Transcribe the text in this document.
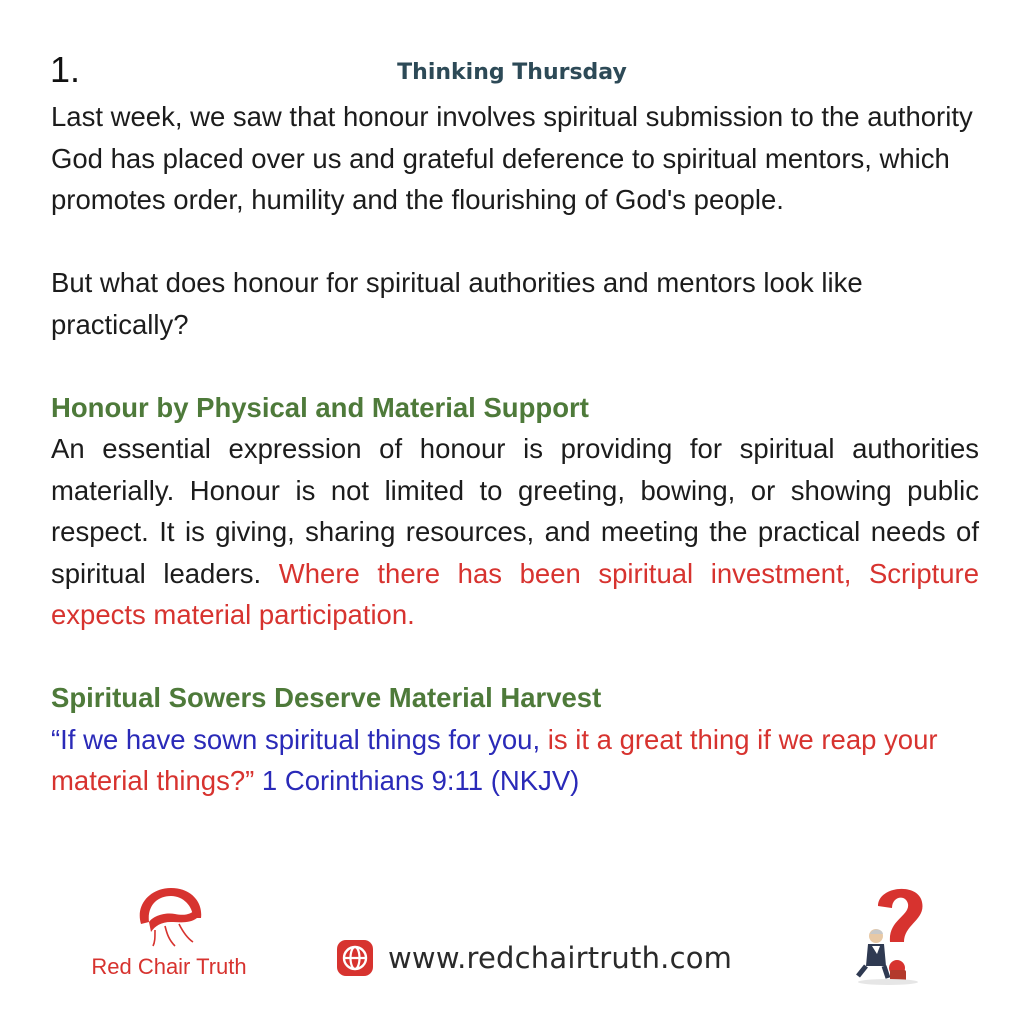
1.	Thinking Thursday

Last week, we saw that honour involves spiritual submission to the authority God has placed over us and grateful deference to spiritual mentors, which promotes order, humility and the flourishing of God's people.

But what does honour for spiritual authorities and mentors look like practically?

Honour by Physical and Material Support

An essential expression of honour is providing for spiritual authorities materially. Honour is not limited to greeting, bowing, or showing public respect. It is giving, sharing resources, and meeting the practical needs of spiritual leaders. Where there has been spiritual investment, Scripture expects material participation.

Spiritual Sowers Deserve Material Harvest

“If we have sown spiritual things for you, is it a great thing if we reap your material things?” 1 Corinthians 9:11 (NKJV)

Red Chair Truth	www.redchairtruth.com
